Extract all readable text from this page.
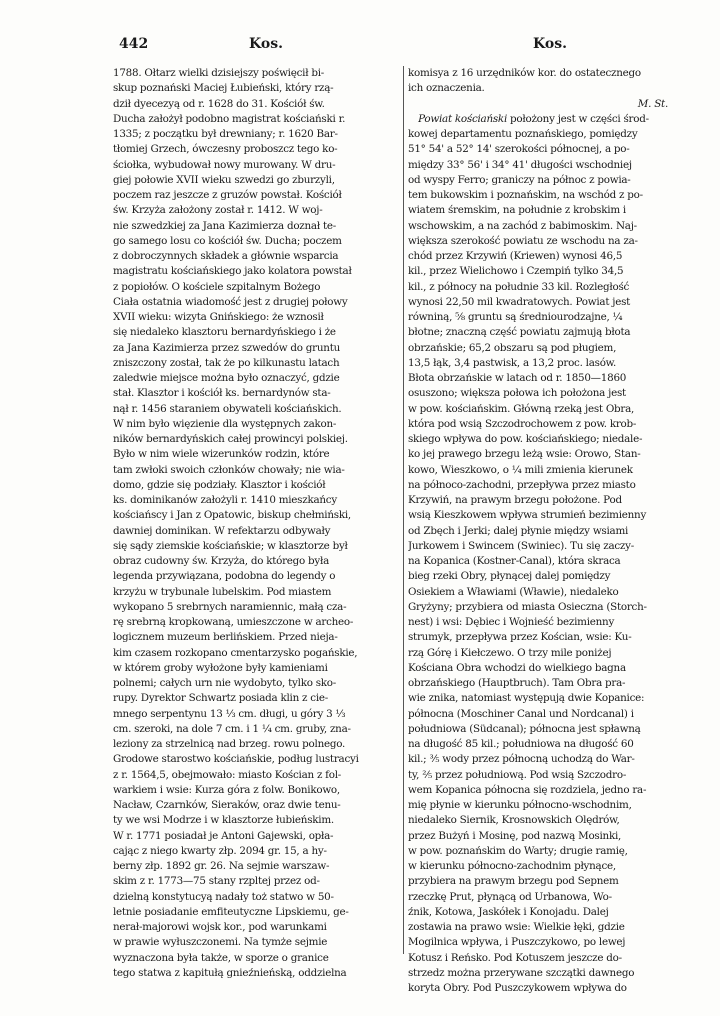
442	Kos.	Kos.
1788. Ołtarz wielki dzisiejszy poświęcił bi-
skup poznański Maciej Łubieński, który rzą-
dził dyecezyą od r. 1628 do 31. Kościół św.
Ducha założył podobno magistrat kościański r.
1335; z początku był drewniany; r. 1620 Bar-
tłomiej Grzech, ówczesny proboszcz tego ko-
ściołka, wybudował nowy murowany. W dru-
giej połowie XVII wieku szwedzi go zburzyli,
poczem raz jeszcze z gruzów powstał. Kościół
św. Krzyża założony został r. 1412. W woj-
nie szwedzkiej za Jana Kazimierza doznał te-
go samego losu co kościół św. Ducha; poczem
z dobroczynnych składek a głównie wsparcia
magistratu kościańskiego jako kolatora powstał
z popiołów. O kościele szpitalnym Bożego
Ciała ostatnia wiadomość jest z drugiej połowy
XVII wieku: wizyta Gnińskiego: że wznosił
się niedaleko klasztoru bernardyńskiego i że
za Jana Kazimierza przez szwedów do gruntu
zniszczony został, tak że po kilkunastu latach
zaledwie miejsce można było oznaczyć, gdzie
stał. Klasztor i kościół ks. bernardynów sta-
nął r. 1456 staraniem obywateli kościańskich.
W nim było więzienie dla występnych zakon-
ników bernardyńskich całej prowincyi polskiej.
Było w nim wiele wizerunków rodzin, które
tam zwłoki swoich członków chowały; nie wia-
domo, gdzie się podziały. Klasztor i kościół
ks. dominikanów założyli r. 1410 mieszkańcy
kościańscy i Jan z Opatowic, biskup chełmiński,
dawniej dominikan. W refektarzu odbywały
się sądy ziemskie kościańskie; w klasztorze był
obraz cudowny św. Krzyża, do którego była
legenda przywiązana, podobna do legendy o
krzyżu w trybunale lubelskim. Pod miastem
wykopano 5 srebrnych naramiennic, małą cza-
rę srebrną kropkowaną, umieszczone w archeo-
logicznem muzeum berlińskiem. Przed nieja-
kim czasem rozkopano cmentarzysko pogańskie,
w którem groby wyłożone były kamieniami
polnemi; całych urn nie wydobyto, tylko sko-
rupy. Dyrektor Schwartz posiada klin z cie-
mnego serpentynu 13 ⅓ cm. długi, u góry 3 ⅓
cm. szeroki, na dole 7 cm. i 1 ¼ cm. gruby, zna-
leziony za strzelnicą nad brzeg. rowu polnego.
Grodowe starostwo kościańskie, podług lustracyi
z r. 1564,5, obejmowało: miasto Kościan z fol-
warkiem i wsie: Kurza góra z folw. Bonikowo,
Nacław, Czarnków, Sieraków, oraz dwie tenu-
ty we wsi Modrze i w klasztorze łubieńskim.
W r. 1771 posiadał je Antoni Gajewski, opła-
cając z niego kwarty złp. 2094 gr. 15, a hy-
berny złp. 1892 gr. 26. Na sejmie warszaw-
skim z r. 1773—75 stany rzpltej przez od-
dzielną konstytucyą nadały toż statwo w 50-
letnie posiadanie emfiteutyczne Lipskiemu, ge-
nerał-majorowi wojsk kor., pod warunkami
w prawie wyłuszczonemi. Na tymże sejmie
wyznaczona była także, w sporze o granice
tego statwa z kapitułą gnieźnieńską, oddzielna
komisya z 16 urzędników kor. do ostatecznego
ich oznaczenia.
M. St.
 Powiat kościański położony jest w części środ-
kowej departamentu poznańskiego, pomiędzy
51° 54' a 52° 14' szerokości północnej, a po-
między 33° 56' i 34° 41' długości wschodniej
od wyspy Ferro; graniczy na północ z powia-
tem bukowskim i poznańskim, na wschód z po-
wiatem śremskim, na południe z krobskim i
wschowskim, a na zachód z babimoskim. Naj-
większa szerokość powiatu ze wschodu na za-
chód przez Krzywiń (Kriewen) wynosi 46,5
kil., przez Wielichowo i Czempiń tylko 34,5
kil., z północy na południe 33 kil. Rozległość
wynosi 22,50 mil kwadratowych. Powiat jest
równiną, ⅝ gruntu są średniourodzajne, ¼
błotne; znaczną część powiatu zajmują błota
obrzańskie; 65,2 obszaru są pod pługiem,
13,5 łąk, 3,4 pastwisk, a 13,2 proc. lasów.
Błota obrzańskie w latach od r. 1850—1860
osuszono; większa połowa ich położona jest
w pow. kościańskim. Główną rzeką jest Obra,
która pod wsią Szczodrochowem z pow. krob-
skiego wpływa do pow. kościańskiego; niedale-
ko jej prawego brzegu leżą wsie: Orowo, Stan-
kowo, Wieszkowo, o ¼ mili zmienia kierunek
na północo-zachodni, przepływa przez miasto
Krzywiń, na prawym brzegu położone. Pod
wsią Kieszkowem wpływa strumień bezimienny
od Zbęch i Jerki; dalej płynie między wsiami
Jurkowem i Swincem (Swiniec). Tu się zaczy-
na Kopanica (Kostner-Canal), która skraca
bieg rzeki Obry, płynącej dalej pomiędzy
Osiekiem a Wławiami (Wławie), niedaleko
Gryżyny; przybiera od miasta Osieczna (Storch-
nest) i wsi: Dębiec i Wojnieść bezimienny
strumyk, przepływa przez Kościan, wsie: Ku-
rzą Górę i Kiełczewo. O trzy mile poniżej
Kościana Obra wchodzi do wielkiego bagna
obrzańskiego (Hauptbruch). Tam Obra pra-
wie znika, natomiast występują dwie Kopanice:
północna (Moschiner Canal und Nordcanal) i
południowa (Südcanal); północna jest spławną
na długość 85 kil.; południowa na długość 60
kil.; ⅗ wody przez północną uchodzą do War-
ty, ⅖ przez południową. Pod wsią Szczodro-
wem Kopanica północna się rozdziela, jedno ra-
mię płynie w kierunku północno-wschodnim,
niedaleko Siernik, Krosnowskich Olędrów,
przez Bużyń i Mosinę, pod nazwą Mosinki,
w pow. poznańskim do Warty; drugie ramię,
w kierunku północno-zachodnim płynące,
przybiera na prawym brzegu pod Sepnem
rzeczkę Prut, płynącą od Urbanowa, Wo-
źnik, Kotowa, Jaskółek i Konojadu. Dalej
zostawia na prawo wsie: Wielkie łęki, gdzie
Mogilnica wpływa, i Puszczykowo, po lewej
Kotusz i Reńsko. Pod Kotuszem jeszcze do-
strzedz można przerywane szczątki dawnego
koryta Obry. Pod Puszczykowem wpływa do
